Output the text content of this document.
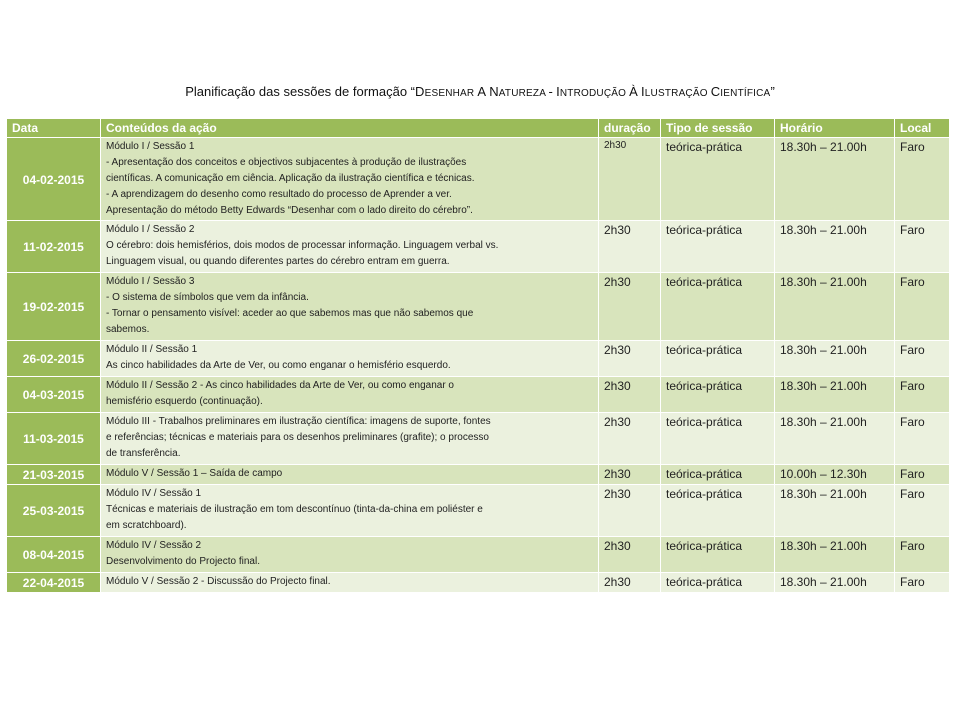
Planificação das sessões de formação “DESENHAR A NATUREZA - INTRODUÇÃO À ILUSTRAÇÃO CIENTÍFICA”
Data	Conteúdos da ação	duração	Tipo de sessão	Horário	Local
04-02-2015	Módulo I / Sessão 1
- Apresentação dos conceitos e objectivos subjacentes à produção de ilustrações
científicas. A comunicação em ciência. Aplicação da ilustração científica e técnicas.
- A aprendizagem do desenho como resultado do processo de Aprender a ver.
Apresentação do método Betty Edwards “Desenhar com o lado direito do cérebro”.	2h30	teórica-prática	18.30h – 21.00h	Faro
11-02-2015	Módulo I / Sessão 2
O cérebro: dois hemisférios, dois modos de processar informação. Linguagem verbal vs.
Linguagem visual, ou quando diferentes partes do cérebro entram em guerra.	2h30	teórica-prática	18.30h – 21.00h	Faro
19-02-2015	Módulo I / Sessão 3
- O sistema de símbolos que vem da infância.
- Tornar o pensamento visível: aceder ao que sabemos mas que não sabemos que
sabemos.	2h30	teórica-prática	18.30h – 21.00h	Faro
26-02-2015	Módulo II / Sessão 1
As cinco habilidades da Arte de Ver, ou como enganar o hemisfério esquerdo.	2h30	teórica-prática	18.30h – 21.00h	Faro
04-03-2015	Módulo II / Sessão 2 - As cinco habilidades da Arte de Ver, ou como enganar o
hemisfério esquerdo (continuação).	2h30	teórica-prática	18.30h – 21.00h	Faro
11-03-2015	Módulo III - Trabalhos preliminares em ilustração científica: imagens de suporte, fontes
e referências; técnicas e materiais para os desenhos preliminares (grafite); o processo
de transferência.	2h30	teórica-prática	18.30h – 21.00h	Faro
21-03-2015	Módulo V / Sessão 1 – Saída de campo	2h30	teórica-prática	10.00h – 12.30h	Faro
25-03-2015	Módulo IV / Sessão 1
Técnicas e materiais de ilustração em tom descontínuo (tinta-da-china em poliéster e
em scratchboard).	2h30	teórica-prática	18.30h – 21.00h	Faro
08-04-2015	Módulo IV / Sessão 2
Desenvolvimento do Projecto final.	2h30	teórica-prática	18.30h – 21.00h	Faro
22-04-2015	Módulo V / Sessão 2 - Discussão do Projecto final.	2h30	teórica-prática	18.30h – 21.00h	Faro
